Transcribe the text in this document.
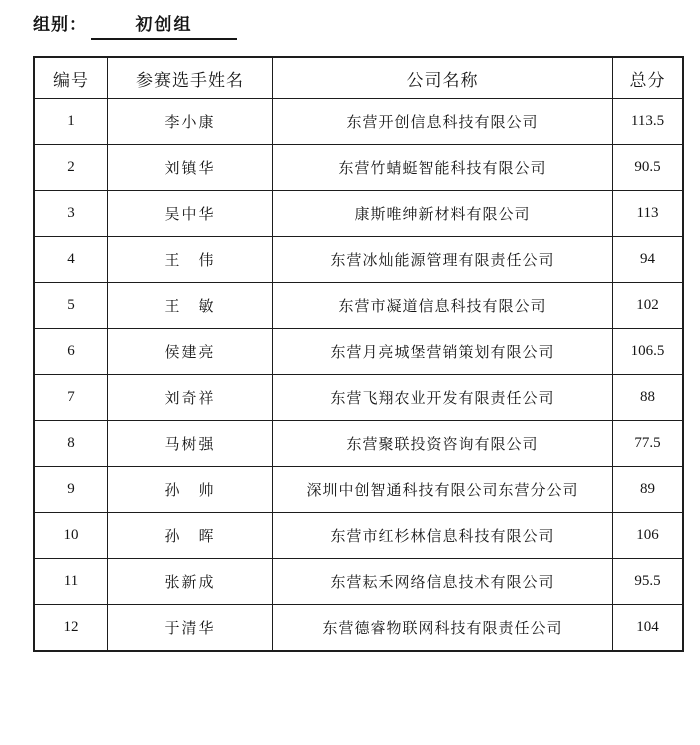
组别：	初创组
编号	参赛选手姓名	公司名称	总分
1	李小康	东营开创信息科技有限公司	113.5
2	刘镇华	东营竹蜻蜓智能科技有限公司	90.5
3	吴中华	康斯唯绅新材料有限公司	113
4	王　伟	东营冰灿能源管理有限责任公司	94
5	王　敏	东营市凝道信息科技有限公司	102
6	侯建亮	东营月亮城堡营销策划有限公司	106.5
7	刘奇祥	东营飞翔农业开发有限责任公司	88
8	马树强	东营聚联投资咨询有限公司	77.5
9	孙　帅	深圳中创智通科技有限公司东营分公司	89
10	孙　晖	东营市红杉林信息科技有限公司	106
11	张新成	东营耘禾网络信息技术有限公司	95.5
12	于清华	东营德睿物联网科技有限责任公司	104
